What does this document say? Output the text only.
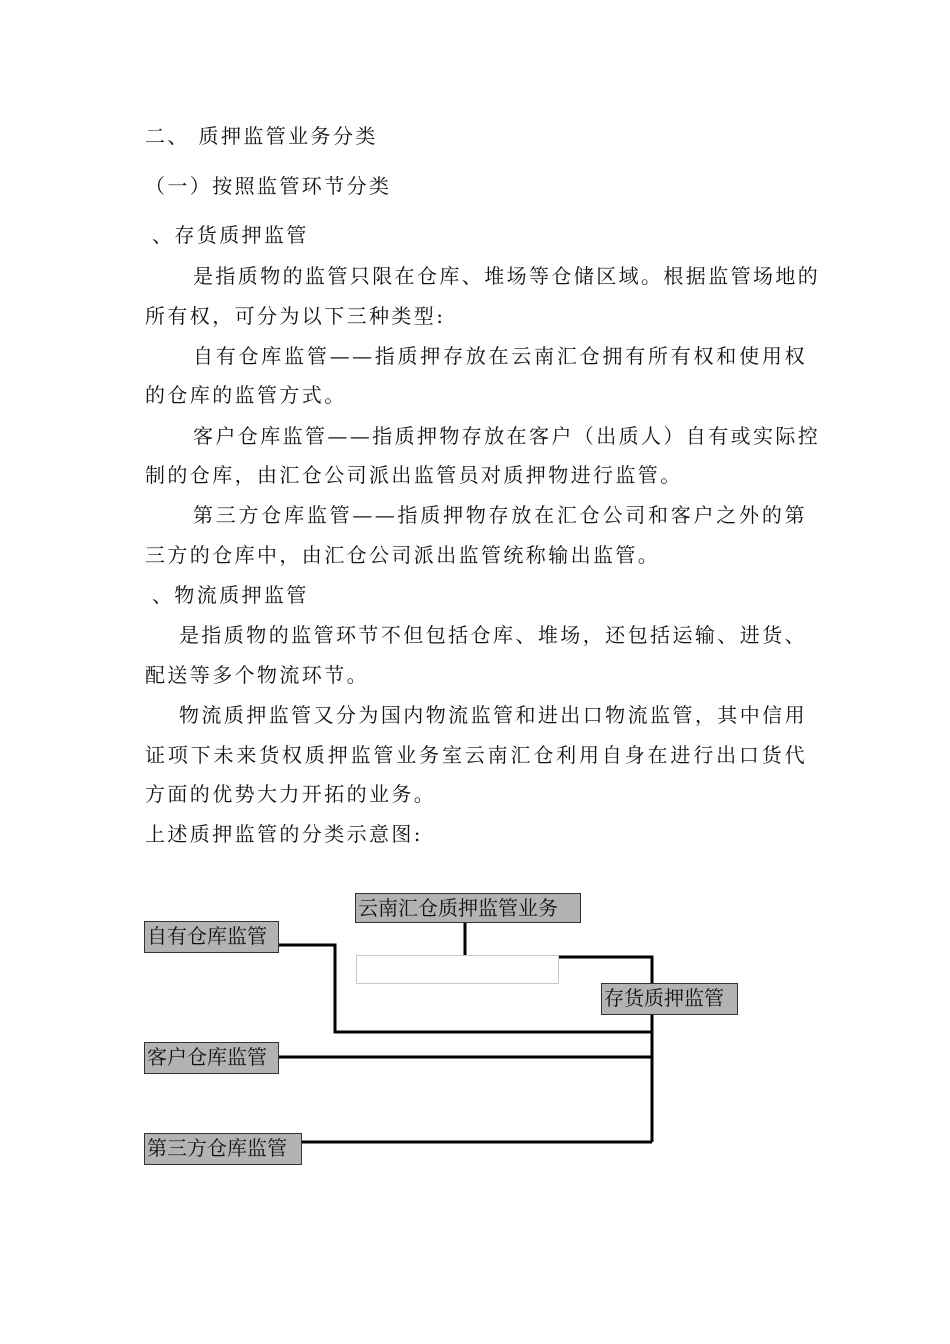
二、 质押监管业务分类
（一）按照监管环节分类
、存货质押监管
是指质物的监管只限在仓库、堆场等仓储区域。根据监管场地的
所有权，可分为以下三种类型:
自有仓库监管——指质押存放在云南汇仓拥有所有权和使用权
的仓库的监管方式。
客户仓库监管——指质押物存放在客户（出质人）自有或实际控
制的仓库，由汇仓公司派出监管员对质押物进行监管。
第三方仓库监管——指质押物存放在汇仓公司和客户之外的第
三方的仓库中，由汇仓公司派出监管统称输出监管。
、物流质押监管
是指质物的监管环节不但包括仓库、堆场，还包括运输、进货、
配送等多个物流环节。
物流质押监管又分为国内物流监管和进出口物流监管，其中信用
证项下未来货权质押监管业务室云南汇仓利用自身在进行出口货代
方面的优势大力开拓的业务。
上述质押监管的分类示意图:
云南汇仓质押监管业务
存货质押监管
自有仓库监管
客户仓库监管
第三方仓库监管
